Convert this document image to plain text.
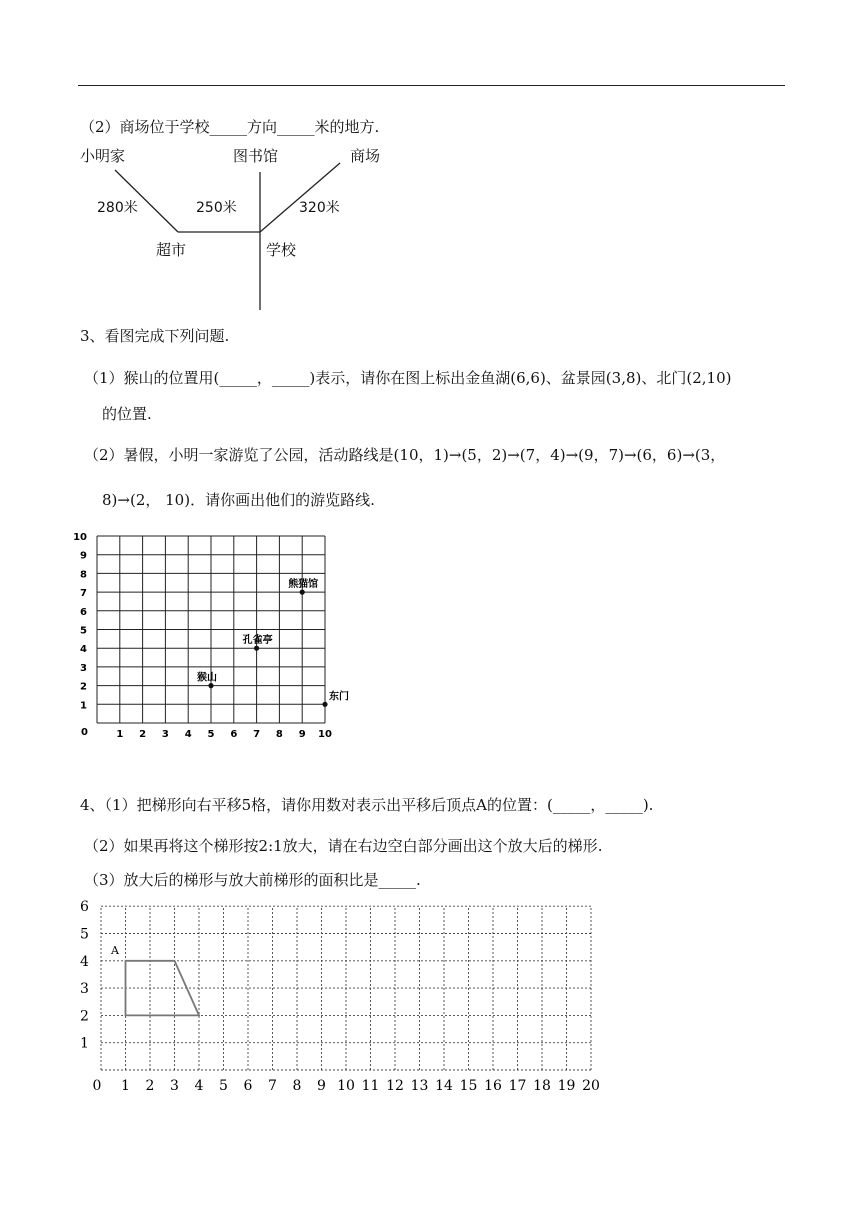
（2）商场位于学校_____方向_____米的地方.
小明家	图书馆	商场
280米	250米	320米
超市	学校
3、看图完成下列问题.
（1）猴山的位置用(_____，_____)表示，请你在图上标出金鱼湖(6,6)、盆景园(3,8)、北门(2,10)
的位置.
（2）暑假，小明一家游览了公园，活动路线是(10，1)→(5，2)→(7，4)→(9，7)→(6，6)→(3，
8)→(2， 10)．请你画出他们的游览路线.
0	1 2 3 4 5 6 7 8 9 10
1
2
3
4
5
6
7
8
9
10
猴山
孔雀亭
熊猫馆
东门
4、（1）把梯形向右平移5格，请你用数对表示出平移后顶点A的位置：(_____，_____).
（2）如果再将这个梯形按2:1放大，请在右边空白部分画出这个放大后的梯形.
（3）放大后的梯形与放大前梯形的面积比是_____.
0 1 2 3 4 5 6 7 8 9 10 11 12 13 14 15 16 17 18 19 20
1
2
3
4
5
6
A
